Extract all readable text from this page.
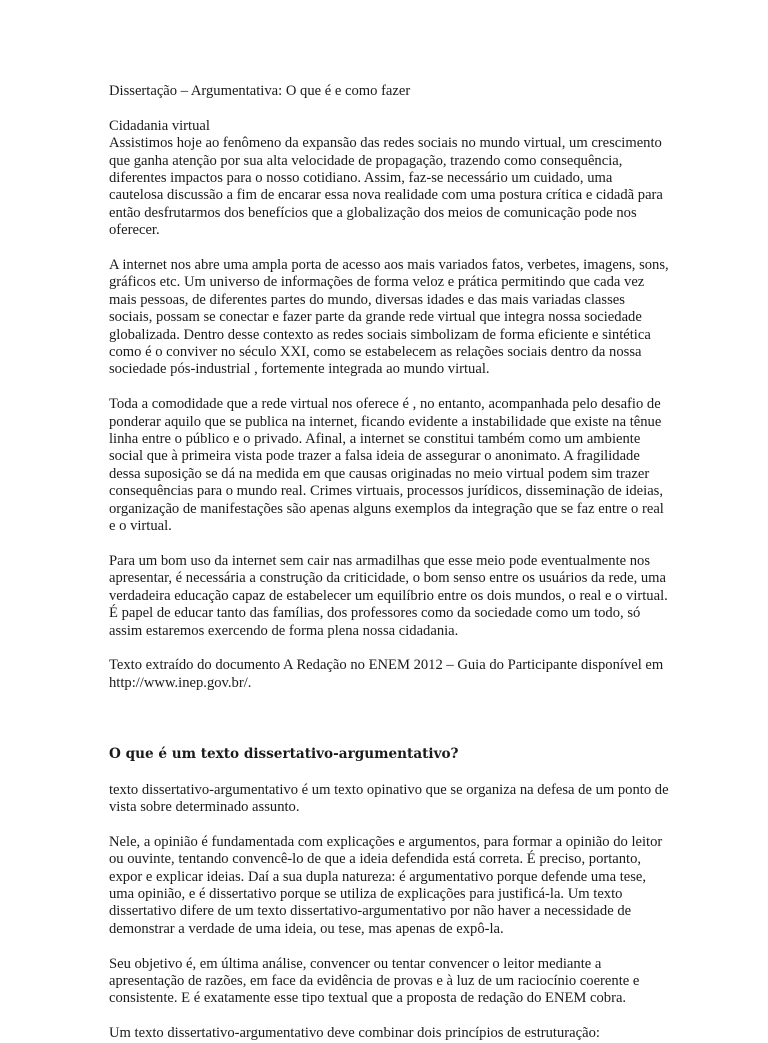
Dissertação – Argumentativa: O que é e como fazer

Cidadania virtual

Assistimos hoje ao fenômeno da expansão das redes sociais no mundo virtual, um crescimento que ganha atenção por sua alta velocidade de propagação, trazendo como consequência, diferentes impactos para o nosso cotidiano. Assim, faz-se necessário um cuidado, uma cautelosa discussão a fim de encarar essa nova realidade com uma postura crítica e cidadã para então desfrutarmos dos benefícios que a globalização dos meios de comunicação pode nos oferecer.

A internet nos abre uma ampla porta de acesso aos mais variados fatos, verbetes, imagens, sons, gráficos etc. Um universo de informações de forma veloz e prática permitindo que cada vez mais pessoas, de diferentes partes do mundo, diversas idades e das mais variadas classes sociais, possam se conectar e fazer parte da grande rede virtual que integra nossa sociedade globalizada. Dentro desse contexto as redes sociais simbolizam de forma eficiente e sintética como é o conviver no século XXI, como se estabelecem as relações sociais dentro da nossa sociedade pós-industrial , fortemente integrada ao mundo virtual.

Toda a comodidade que a rede virtual nos oferece é , no entanto, acompanhada pelo desafio de ponderar aquilo que se publica na internet, ficando evidente a instabilidade que existe na tênue linha entre o público e o privado. Afinal, a internet se constitui também como um ambiente social que à primeira vista pode trazer a falsa ideia de assegurar o anonimato. A fragilidade dessa suposição se dá na medida em que causas originadas no meio virtual podem sim trazer consequências para o mundo real. Crimes virtuais, processos jurídicos, disseminação de ideias, organização de manifestações são apenas alguns exemplos da integração que se faz entre o real e o virtual.

Para um bom uso da internet sem cair nas armadilhas que esse meio pode eventualmente nos apresentar, é necessária a construção da criticidade, o bom senso entre os usuários da rede, uma verdadeira educação capaz de estabelecer um equilíbrio entre os dois mundos, o real e o virtual. É papel de educar tanto das famílias, dos professores como da sociedade como um todo, só assim estaremos exercendo de forma plena nossa cidadania.

Texto extraído do documento A Redação no ENEM 2012 – Guia do Participante disponível em

http://www.inep.gov.br/.

O que é um texto dissertativo-argumentativo?

texto dissertativo-argumentativo é um texto opinativo que se organiza na defesa de um ponto de vista sobre determinado assunto.

Nele, a opinião é fundamentada com explicações e argumentos, para formar a opinião do leitor ou ouvinte, tentando convencê-lo de que a ideia defendida está correta. É preciso, portanto, expor e explicar ideias. Daí a sua dupla natureza: é argumentativo porque defende uma tese, uma opinião, e é dissertativo porque se utiliza de explicações para justificá-la. Um texto dissertativo difere de um texto dissertativo-argumentativo por não haver a necessidade de demonstrar a verdade de uma ideia, ou tese, mas apenas de expô-la.

Seu objetivo é, em última análise, convencer ou tentar convencer o leitor mediante a apresentação de razões, em face da evidência de provas e à luz de um raciocínio coerente e consistente. E é exatamente esse tipo textual que a proposta de redação do ENEM cobra.

Um texto dissertativo-argumentativo deve combinar dois princípios de estruturação:
